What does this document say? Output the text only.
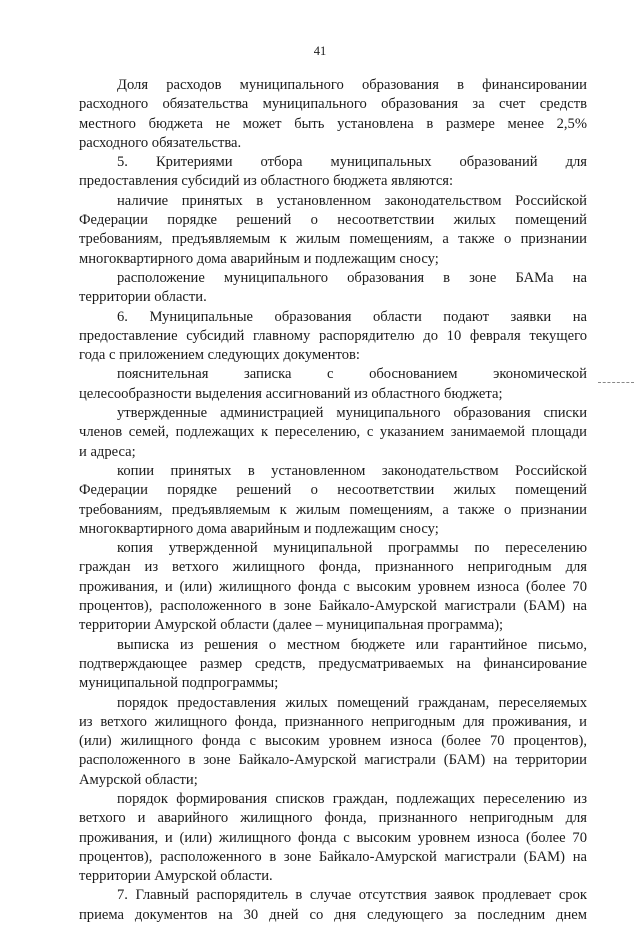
41
Доля расходов муниципального образования в финансировании
расходного обязательства муниципального образования за счет средств
местного бюджета не может быть установлена в размере менее 2,5%
расходного обязательства.
5. Критериями отбора муниципальных образований для
предоставления субсидий из областного бюджета являются:
наличие принятых в установленном законодательством Российской
Федерации порядке решений о несоответствии жилых помещений
требованиям, предъявляемым к жилым помещениям, а также о признании
многоквартирного дома аварийным и подлежащим сносу;
расположение муниципального образования в зоне БАМа на
территории области.
6. Муниципальные образования области подают заявки на
предоставление субсидий главному распорядителю до 10 февраля текущего
года с приложением следующих документов:
пояснительная записка с обоснованием экономической
целесообразности выделения ассигнований из областного бюджета;
утвержденные администрацией муниципального образования списки
членов семей, подлежащих к переселению, с указанием занимаемой площади
и адреса;
копии принятых в установленном законодательством Российской
Федерации порядке решений о несоответствии жилых помещений
требованиям, предъявляемым к жилым помещениям, а также о признании
многоквартирного дома аварийным и подлежащим сносу;
копия утвержденной муниципальной программы по переселению
граждан из ветхого жилищного фонда, признанного непригодным для
проживания, и (или) жилищного фонда с высоким уровнем износа (более 70
процентов), расположенного в зоне Байкало-Амурской магистрали (БАМ) на
территории Амурской области (далее – муниципальная программа);
выписка из решения о местном бюджете или гарантийное письмо,
подтверждающее размер средств, предусматриваемых на финансирование
муниципальной подпрограммы;
порядок предоставления жилых помещений гражданам, переселяемых
из ветхого жилищного фонда, признанного непригодным для проживания, и
(или) жилищного фонда с высоким уровнем износа (более 70 процентов),
расположенного в зоне Байкало-Амурской магистрали (БАМ) на территории
Амурской области;
порядок формирования списков граждан, подлежащих переселению из
ветхого и аварийного жилищного фонда, признанного непригодным для
проживания, и (или) жилищного фонда с высоким уровнем износа (более 70
процентов), расположенного в зоне Байкало-Амурской магистрали (БАМ) на
территории Амурской области.
7. Главный распорядитель в случае отсутствия заявок продлевает срок
приема документов на 30 дней со дня следующего за последним днем
